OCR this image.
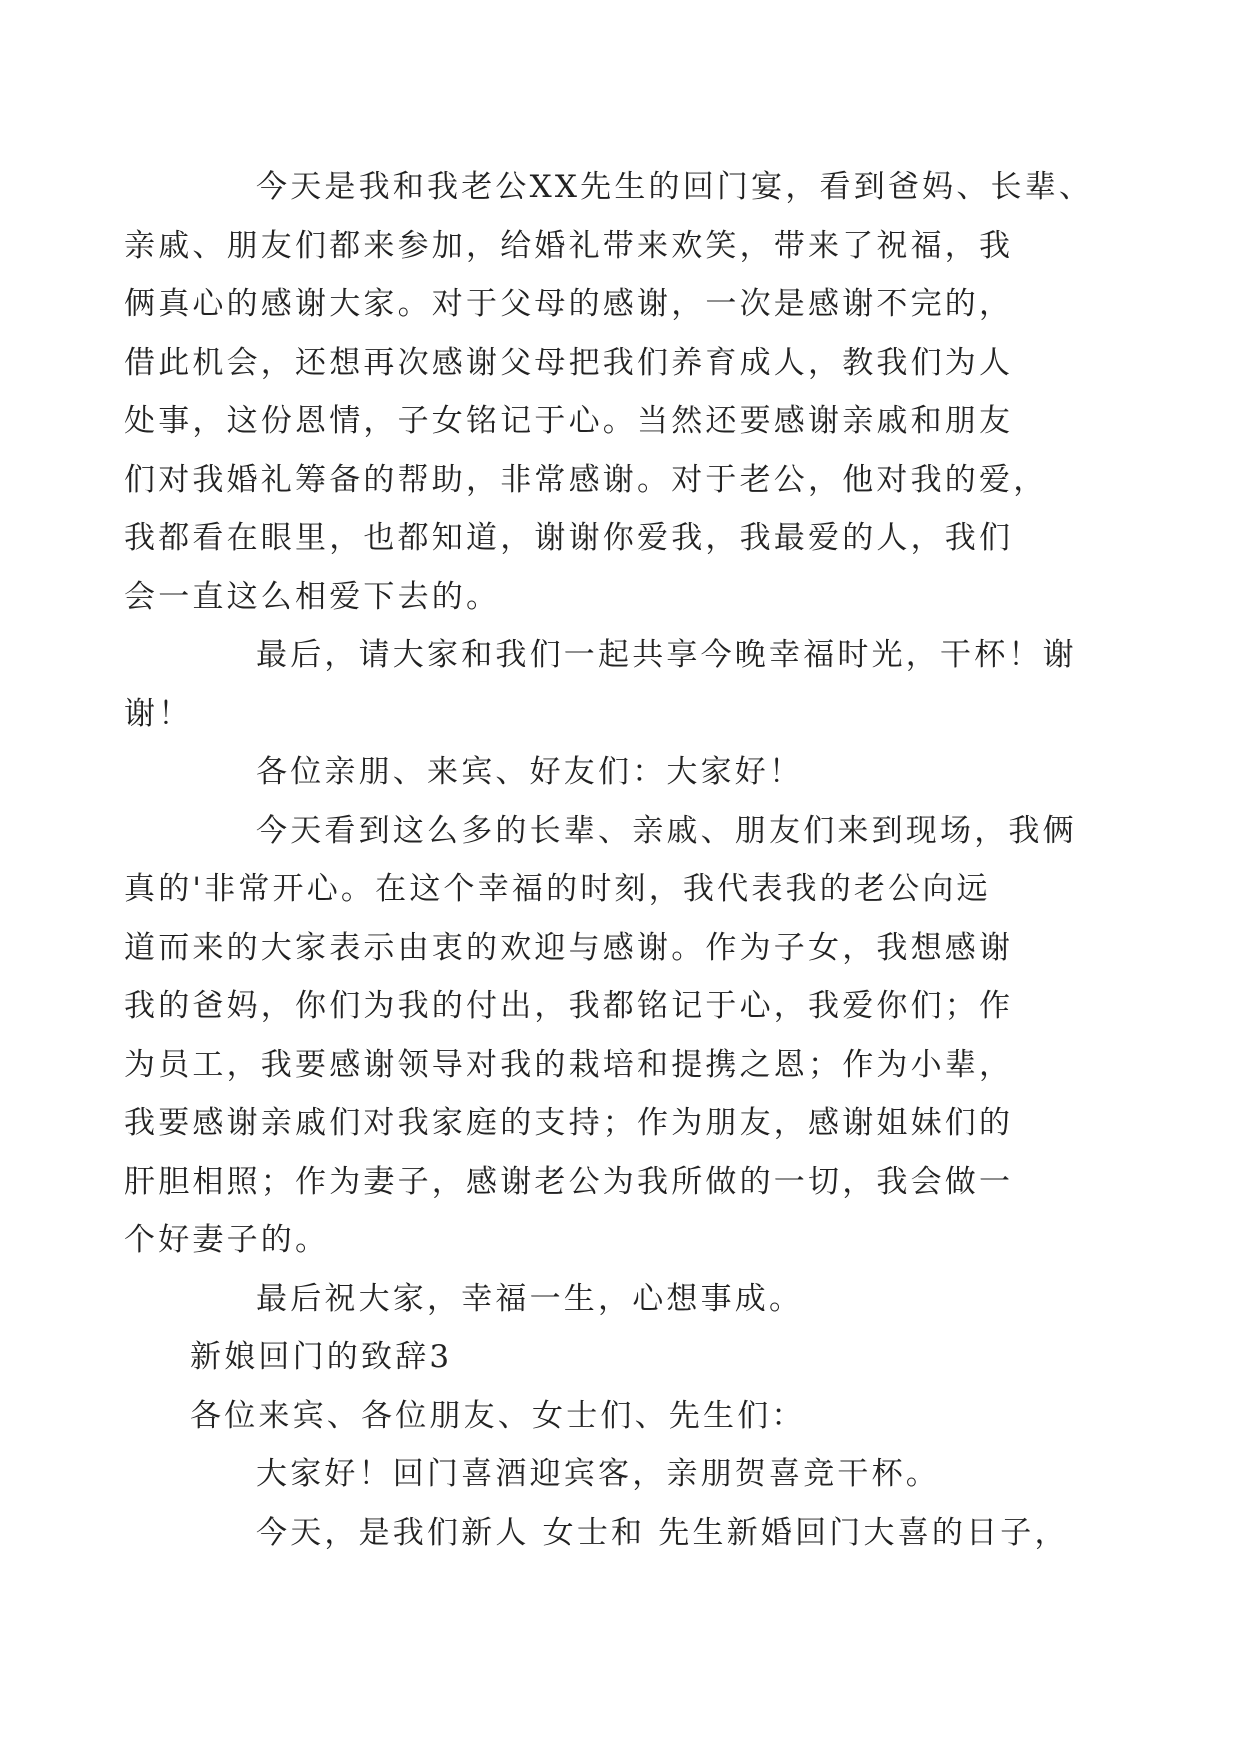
今天是我和我老公XX先生的回门宴，看到爸妈、长辈、
亲戚、朋友们都来参加，给婚礼带来欢笑，带来了祝福，我
俩真心的感谢大家。对于父母的感谢，一次是感谢不完的，
借此机会，还想再次感谢父母把我们养育成人，教我们为人
处事，这份恩情，子女铭记于心。当然还要感谢亲戚和朋友
们对我婚礼筹备的帮助，非常感谢。对于老公，他对我的爱，
我都看在眼里，也都知道，谢谢你爱我，我最爱的人，我们
会一直这么相爱下去的。

最后，请大家和我们一起共享今晚幸福时光，干杯！谢
谢！

各位亲朋、来宾、好友们：大家好！

今天看到这么多的长辈、亲戚、朋友们来到现场，我俩
真的'非常开心。在这个幸福的时刻，我代表我的老公向远
道而来的大家表示由衷的欢迎与感谢。作为子女，我想感谢
我的爸妈，你们为我的付出，我都铭记于心，我爱你们；作
为员工，我要感谢领导对我的栽培和提携之恩；作为小辈，
我要感谢亲戚们对我家庭的支持；作为朋友，感谢姐妹们的
肝胆相照；作为妻子，感谢老公为我所做的一切，我会做一
个好妻子的。

最后祝大家，幸福一生，心想事成。

新娘回门的致辞3

各位来宾、各位朋友、女士们、先生们：

大家好！回门喜酒迎宾客，亲朋贺喜竞干杯。

今天，是我们新人 女士和 先生新婚回门大喜的日子，
